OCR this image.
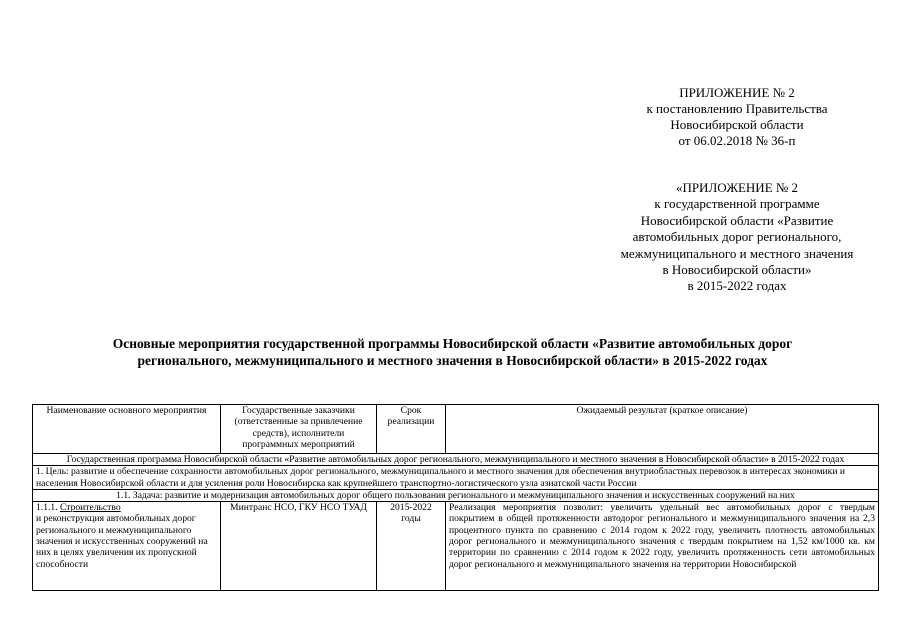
ПРИЛОЖЕНИЕ № 2
к постановлению Правительства
Новосибирской области
от 06.02.2018 № 36-п
«ПРИЛОЖЕНИЕ № 2
к государственной программе
Новосибирской области «Развитие
автомобильных дорог регионального,
межмуниципального и местного значения
в Новосибирской области»
в 2015-2022 годах
Основные мероприятия государственной программы Новосибирской области «Развитие автомобильных дорог
регионального, межмуниципального и местного значения в Новосибирской области» в 2015-2022 годах
Наименование основного мероприятия	Государственные заказчики (ответственные за привлечение средств), исполнители программных мероприятий	Срок реализации	Ожидаемый результат (краткое описание)
Государственная программа Новосибирской области «Развитие автомобильных дорог регионального, межмуниципального и местного значения в Новосибирской области» в 2015-2022 годах			
1. Цель: развитие и обеспечение сохранности автомобильных дорог регионального, межмуниципального и местного значения для обеспечения внутриобластных перевозок в интересах экономики и населения Новосибирской области и для усиления роли Новосибирска как крупнейшего транспортно-логистического узла азиатской части России			
1.1. Задача: развитие и модернизация автомобильных дорог общего пользования регионального и межмуниципального значения и искусственных сооружений на них			
1.1.1. Строительство
и реконструкция автомобильных дорог регионального и межмуниципального значения и искусственных сооружений на них в целях увеличения их пропускной способности	Минтранс НСО, ГКУ НСО ТУАД	2015-2022 годы	Реализация мероприятия позволит: увеличить удельный вес автомобильных дорог с твердым покрытием в общей протяженности автодорог регионального и межмуниципального значения на 2,3 процентного пункта по сравнению с 2014 годом к 2022 году, увеличить плотность автомобильных дорог регионального и межмуниципального значения с твердым покрытием на 1,52 км/1000 кв. км территории по сравнению с 2014 годом к 2022 году, увеличить протяженность сети автомобильных дорог регионального и межмуниципального значения на территории Новосибирской
